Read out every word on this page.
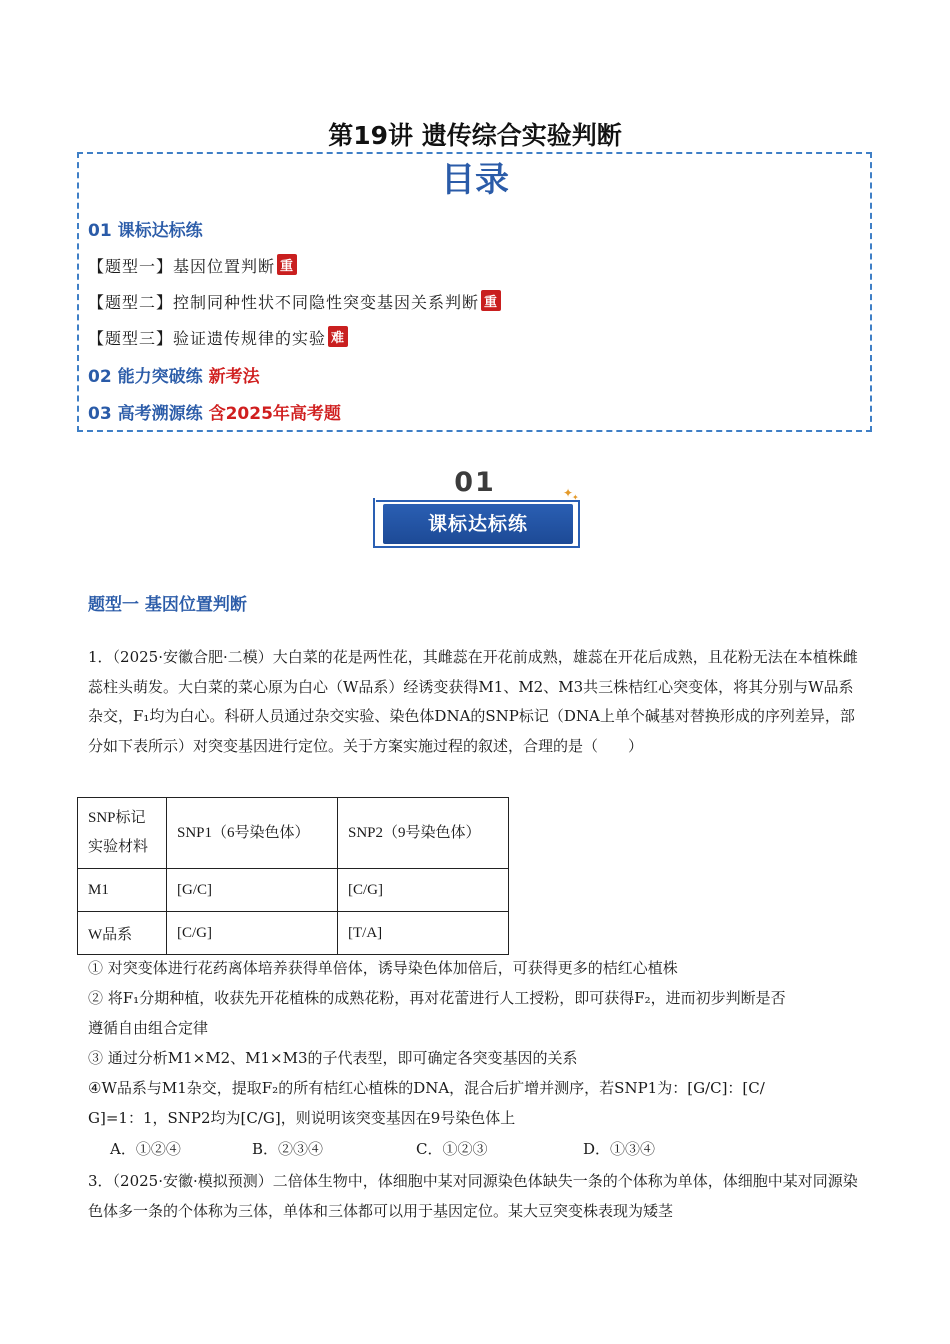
第19讲 遗传综合实验判断
目录
01 课标达标练
【题型一】基因位置判断 重
【题型二】控制同种性状不同隐性突变基因关系判断 重
【题型三】验证遗传规律的实验 难
02 能力突破练 新考法
03 高考溯源练 含2025年高考题
01
课标达标练
✦
✦
题型一 基因位置判断
1．（2025·安徽合肥·二模）大白菜的花是两性花，其雌蕊在开花前成熟，雄蕊在开花后成熟，且花粉无法在本植株雌蕊柱头萌发。大白菜的菜心原为白心（W品系）经诱变获得M1、M2、M3共三株桔红心突变体，将其分别与W品系杂交，F₁均为白心。科研人员通过杂交实验、染色体DNA的SNP标记（DNA上单个碱基对替换形成的序列差异，部分如下表所示）对突变基因进行定位。关于方案实施过程的叙述，合理的是（　　）
SNP标记实验材料	SNP1（6号染色体）	SNP2（9号染色体）
M1	[G/C]	[C/G]
W品系	[C/G]	[T/A]
① 对突变体进行花药离体培养获得单倍体，诱导染色体加倍后，可获得更多的桔红心植株
② 将F₁分期种植，收获先开花植株的成熟花粉，再对花蕾进行人工授粉，即可获得F₂，进而初步判断是否
遵循自由组合定律
③ 通过分析M1×M2、M1×M3的子代表型，即可确定各突变基因的关系
④W品系与M1杂交，提取F₂的所有桔红心植株的DNA，混合后扩增并测序，若SNP1为：[G/C]：[C/
G]=1：1，SNP2均为[C/G]，则说明该突变基因在9号染色体上
A．①②④	B．②③④	C．①②③	D．①③④
3．（2025·安徽·模拟预测）二倍体生物中，体细胞中某对同源染色体缺失一条的个体称为单体，体细胞中某对同源染色体多一条的个体称为三体，单体和三体都可以用于基因定位。某大豆突变株表现为矮茎
